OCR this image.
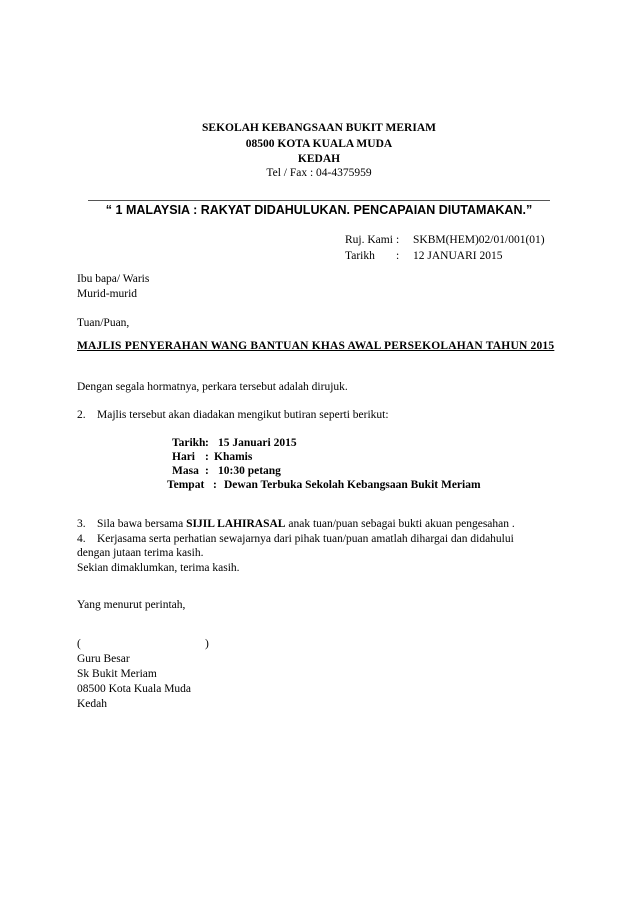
SEKOLAH KEBANGSAAN BUKIT MERIAM
08500 KOTA KUALA MUDA
KEDAH
Tel / Fax : 04-4375959
“ 1 MALAYSIA : RAKYAT DIDAHULUKAN. PENCAPAIAN DIUTAMAKAN.”
Ruj. Kami : SKBM(HEM)02/01/001(01)
Tarikh : 12 JANUARI 2015
Ibu bapa/ Waris
Murid-murid
Tuan/Puan,
MAJLIS PENYERAHAN WANG BANTUAN KHAS AWAL PERSEKOLAHAN TAHUN 2015
Dengan segala hormatnya, perkara tersebut adalah dirujuk.
2. Majlis tersebut akan diadakan mengikut butiran seperti berikut:
Tarikh : 15 Januari 2015
Hari : Khamis
Masa : 10:30 petang
Tempat : Dewan Terbuka Sekolah Kebangsaan Bukit Meriam
3. Sila bawa bersama SIJIL LAHIRASAL anak tuan/puan sebagai bukti akuan pengesahan .
4. Kerjasama serta perhatian sewajarnya dari pihak tuan/puan amatlah dihargai dan didahului
dengan jutaan terima kasih.
Sekian dimaklumkan, terima kasih.
Yang menurut perintah,
(	)
Guru Besar
Sk Bukit Meriam
08500 Kota Kuala Muda
Kedah
